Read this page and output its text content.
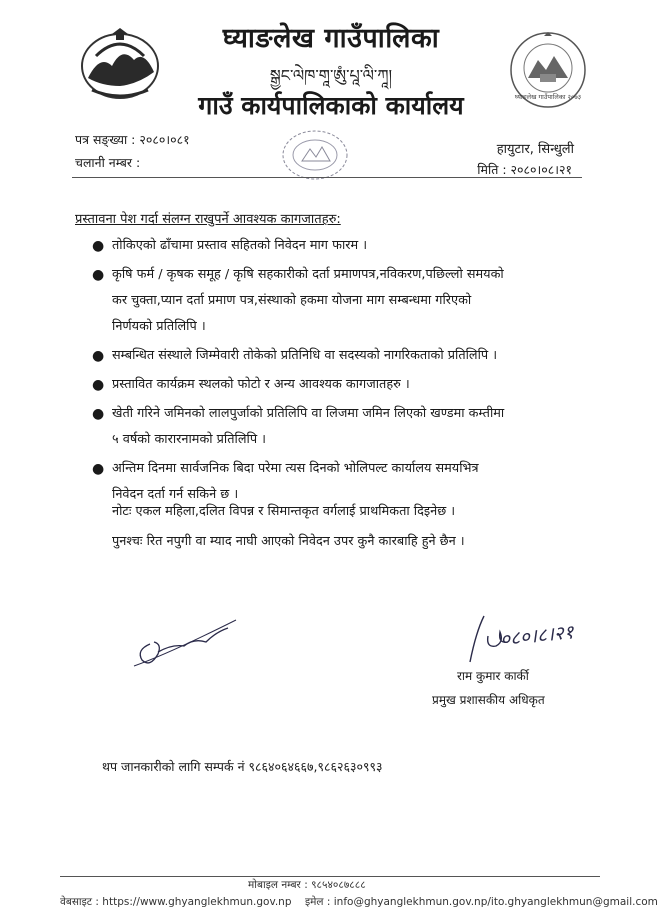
घ्याङलेख गाउँपालिका २०७३
घ्याङलेख गाउँपालिका
སྒྱང་ལེཁ་གཱ་ཨུཾ་པཱ་ལི་ཀཱ།
गाउँ कार्यपालिकाको कार्यालय
पत्र सङ्ख्या : २०८०।०८१
चलानी नम्बर :
हायुटार, सिन्धुली
मिति : २०८०।०८।२१
प्रस्तावना पेश गर्दा संलग्न राखुपर्ने आवश्यक कागजातहरु:
● तोकिएको ढाँचामा प्रस्ताव सहितको निवेदन माग फारम ।
● कृषि फर्म / कृषक समूह / कृषि सहकारीको दर्ता प्रमाणपत्र,नविकरण,पछिल्लो समयको
कर चुक्ता,प्यान दर्ता प्रमाण पत्र,संस्थाको हकमा योजना माग सम्बन्धमा गरिएको
निर्णयको प्रतिलिपि ।
● सम्बन्धित संस्थाले जिम्मेवारी तोकेको प्रतिनिधि वा सदस्यको नागरिकताको प्रतिलिपि ।
● प्रस्तावित कार्यक्रम स्थलको फोटो र अन्य आवश्यक कागजातहरु ।
● खेती गरिने जमिनको लालपुर्जाको प्रतिलिपि वा लिजमा जमिन लिएको खण्डमा कम्तीमा
५ वर्षको कारारनामको प्रतिलिपि ।
● अन्तिम दिनमा सार्वजनिक बिदा परेमा त्यस दिनको भोलिपल्ट कार्यालय समयभित्र
निवेदन दर्ता गर्न सकिने छ ।
नोटः एकल महिला,दलित विपन्न र सिमान्तकृत वर्गलाई प्राथमिकता दिइनेछ ।
पुनश्चः रित नपुगी वा म्याद नाघी आएको निवेदन उपर कुनै कारबाहि हुने छैन ।
०८०।८।२१
राम कुमार कार्की
प्रमुख प्रशासकीय अधिकृत
थप जानकारीको लागि सम्पर्क नं ९८६४०६४६६७,९८६२६३०९९३
मोबाइल नम्बर : ९८५४०८७८८८
वेबसाइट : https://www.ghyanglekhmun.gov.np इमेल : info@ghyanglekhmun.gov.np/ito.ghyanglekhmun@gmail.com
